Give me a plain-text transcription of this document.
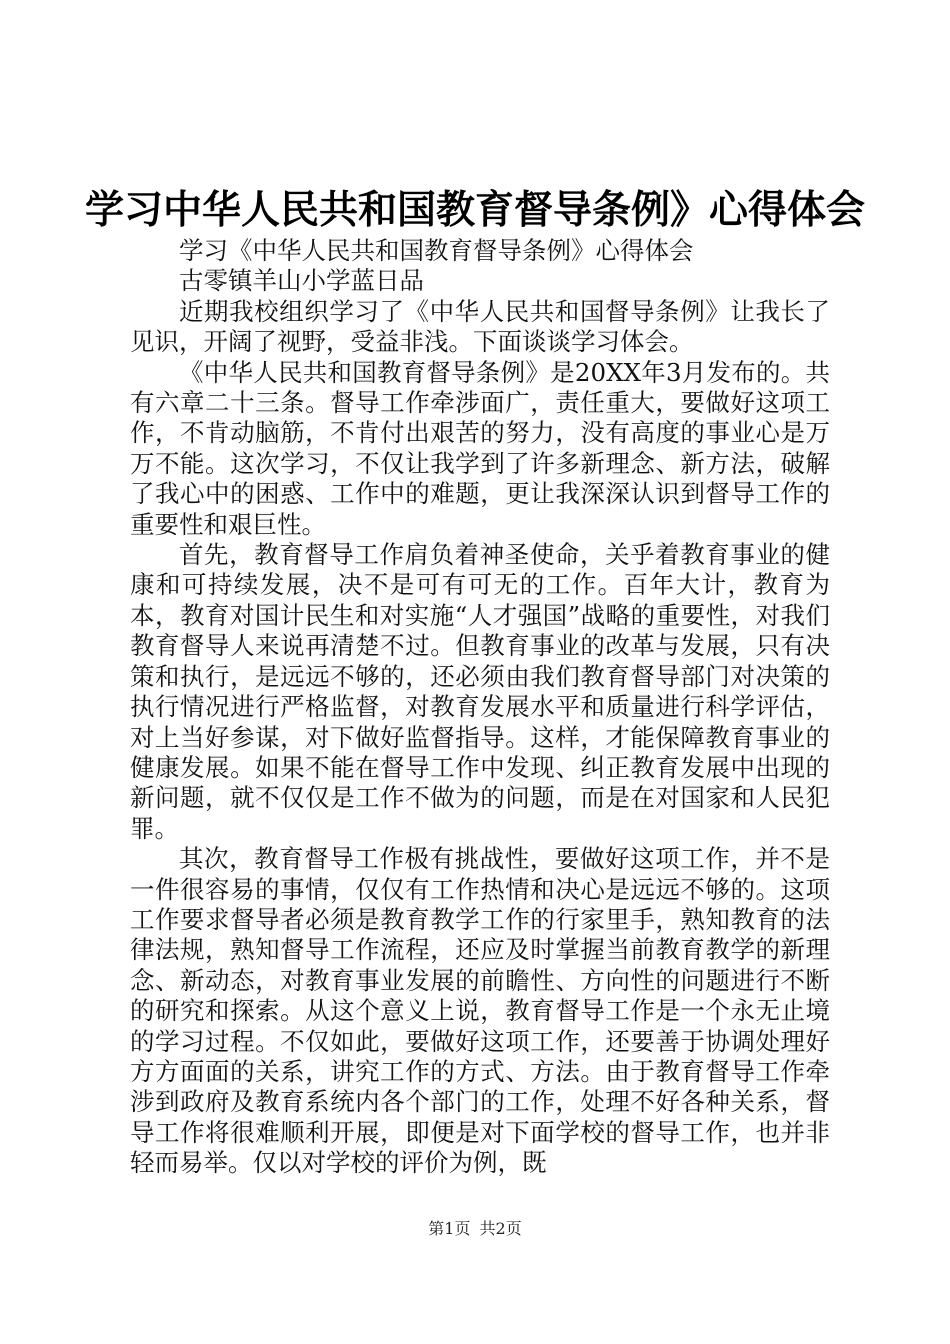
学习中华人民共和国教育督导条例》心得体会

学习《中华人民共和国教育督导条例》心得体会

古零镇羊山小学蓝日品

近期我校组织学习了《中华人民共和国督导条例》让我长了见识，开阔了视野，受益非浅。下面谈谈学习体会。

《中华人民共和国教育督导条例》是20XX年3月发布的。共有六章二十三条。督导工作牵涉面广，责任重大，要做好这项工作，不肯动脑筋，不肯付出艰苦的努力，没有高度的事业心是万万不能。这次学习，不仅让我学到了许多新理念、新方法，破解了我心中的困惑、工作中的难题，更让我深深认识到督导工作的重要性和艰巨性。

首先，教育督导工作肩负着神圣使命，关乎着教育事业的健康和可持续发展，决不是可有可无的工作。百年大计，教育为本，教育对国计民生和对实施“人才强国”战略的重要性，对我们教育督导人来说再清楚不过。但教育事业的改革与发展，只有决策和执行，是远远不够的，还必须由我们教育督导部门对决策的执行情况进行严格监督，对教育发展水平和质量进行科学评估，对上当好参谋，对下做好监督指导。这样，才能保障教育事业的健康发展。如果不能在督导工作中发现、纠正教育发展中出现的新问题，就不仅仅是工作不做为的问题，而是在对国家和人民犯罪。

其次，教育督导工作极有挑战性，要做好这项工作，并不是一件很容易的事情，仅仅有工作热情和决心是远远不够的。这项工作要求督导者必须是教育教学工作的行家里手，熟知教育的法律法规，熟知督导工作流程，还应及时掌握当前教育教学的新理念、新动态，对教育事业发展的前瞻性、方向性的问题进行不断的研究和探索。从这个意义上说，教育督导工作是一个永无止境的学习过程。不仅如此，要做好这项工作，还要善于协调处理好方方面面的关系，讲究工作的方式、方法。由于教育督导工作牵涉到政府及教育系统内各个部门的工作，处理不好各种关系，督导工作将很难顺利开展，即便是对下面学校的督导工作，也并非轻而易举。仅以对学校的评价为例，既

第1页 共2页
